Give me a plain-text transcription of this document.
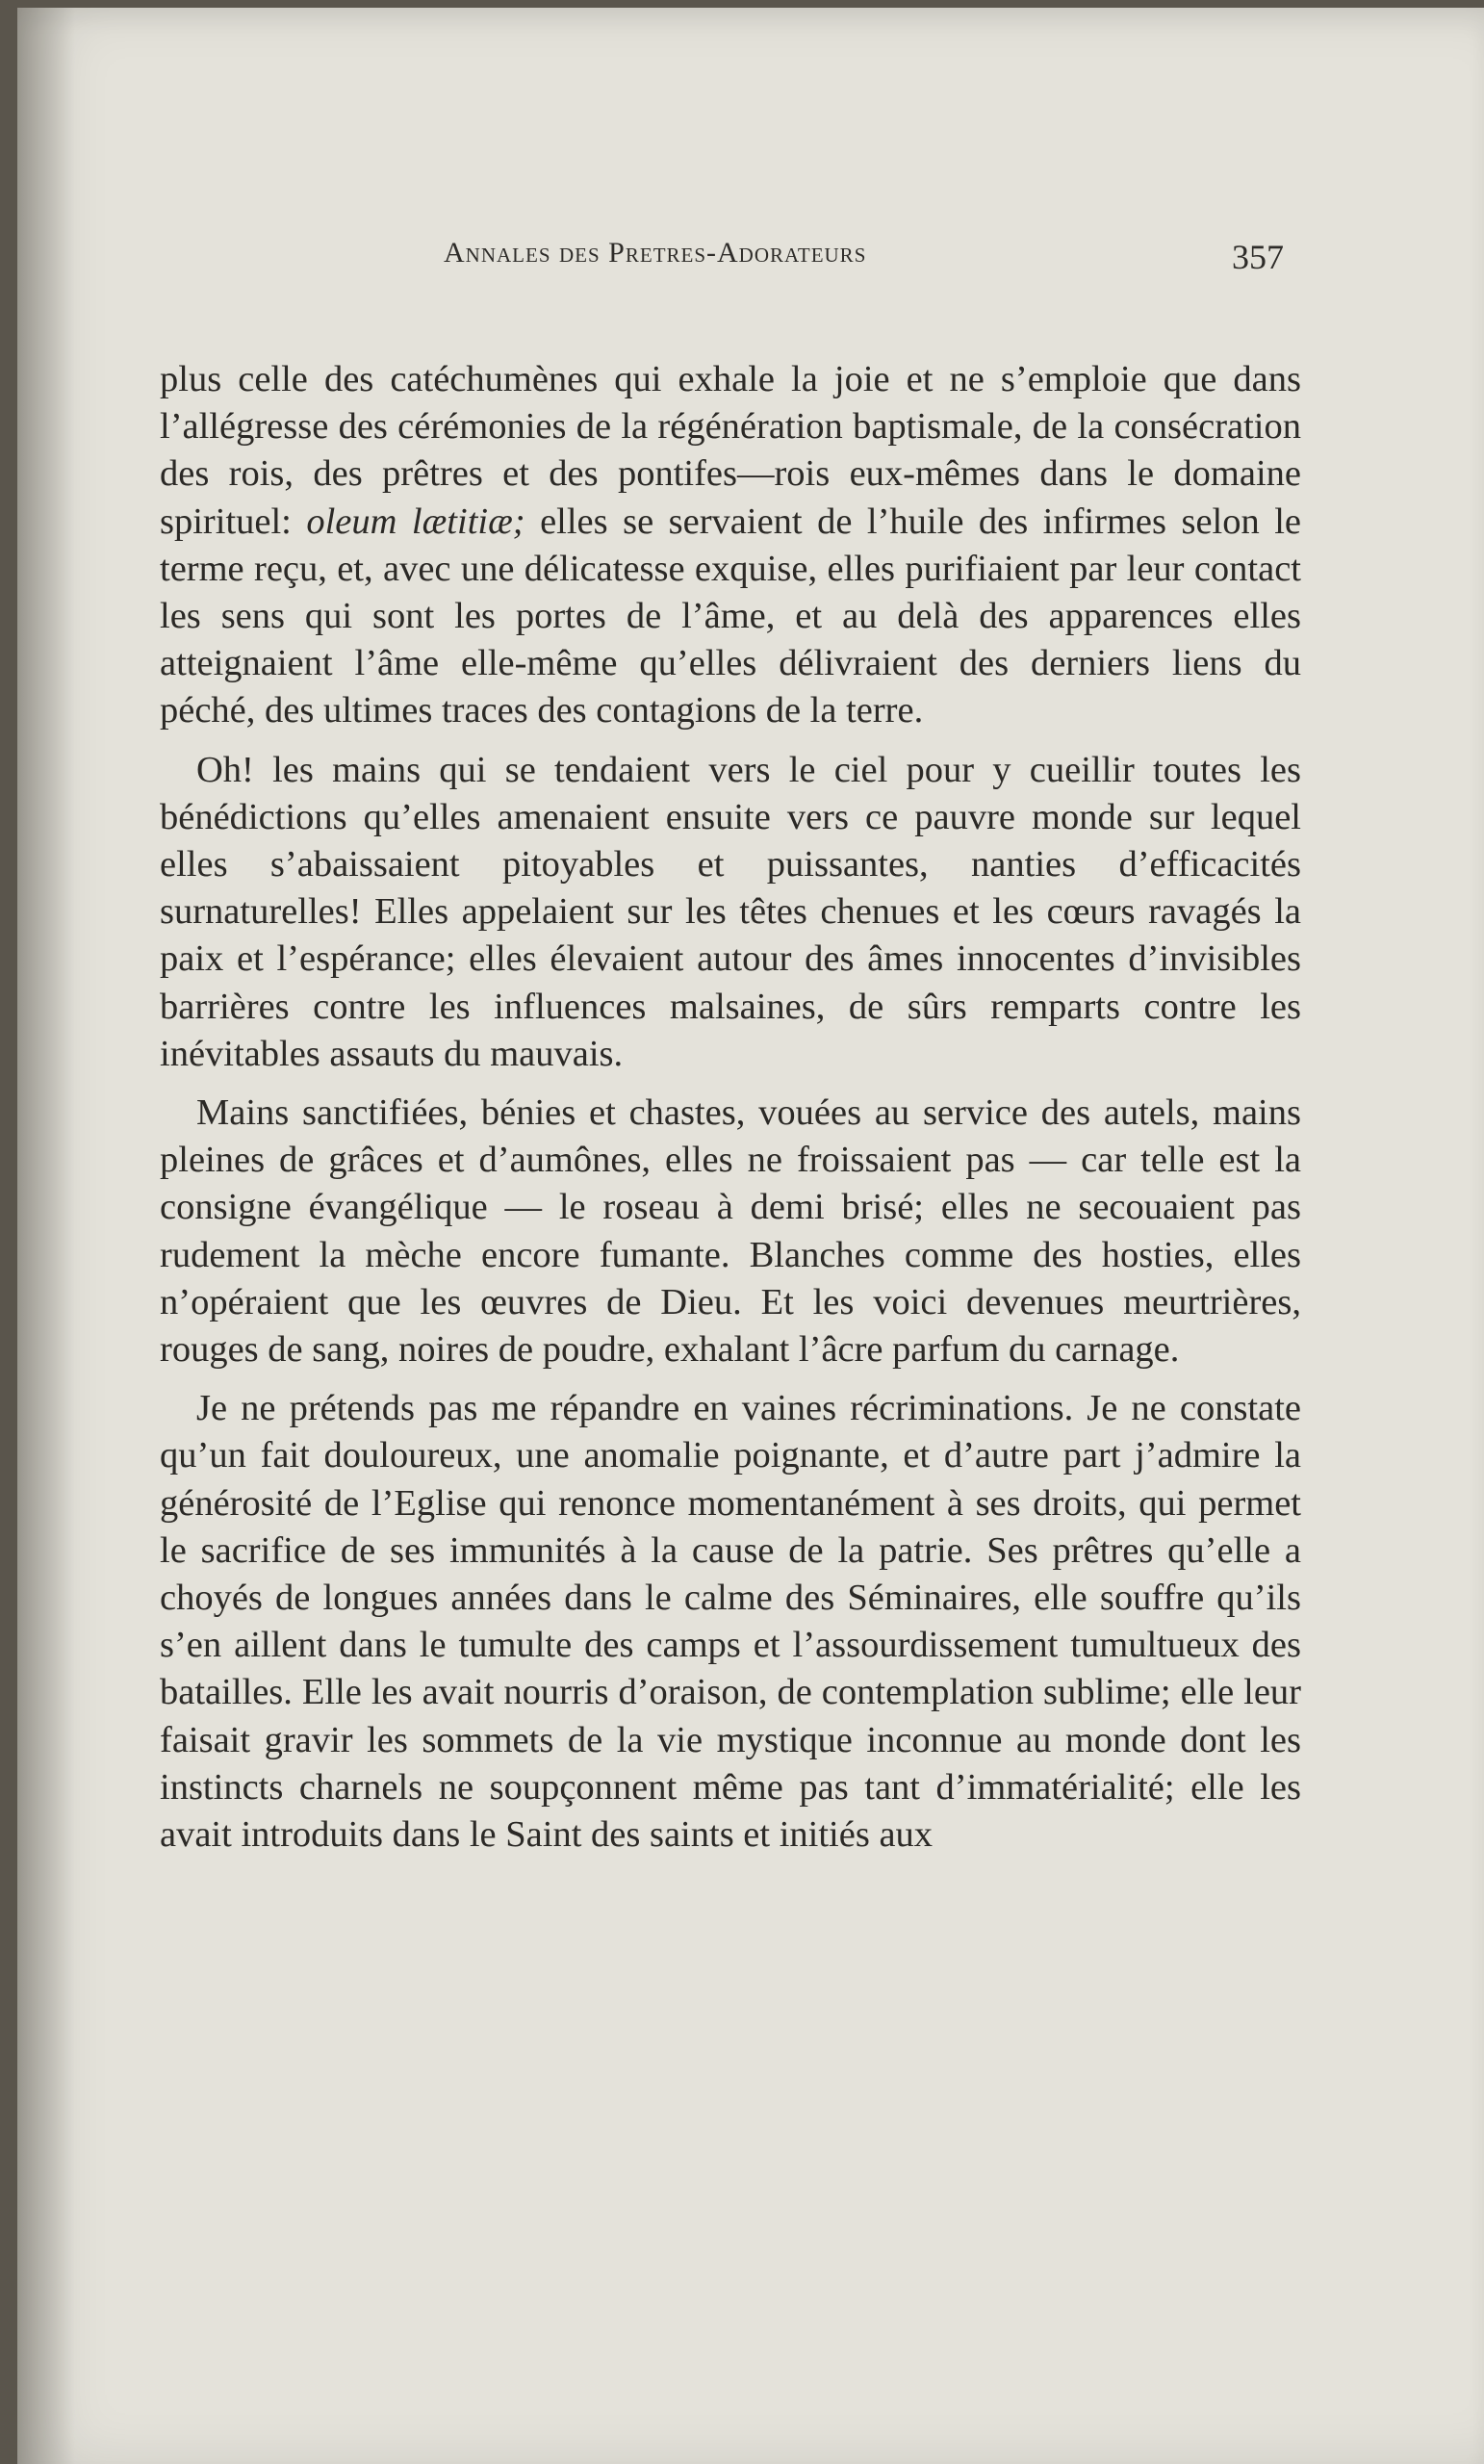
Annales des Pretres-Adorateurs	357

plus celle des catéchumènes qui exhale la joie et ne s’emploie que dans l’allégresse des cérémonies de la régénération baptismale, de la consécration des rois, des prêtres et des pontifes—rois eux-mêmes dans le domaine spirituel: oleum lætitiæ; elles se servaient de l’huile des infirmes selon le terme reçu, et, avec une délicatesse exquise, elles purifiaient par leur contact les sens qui sont les portes de l’âme, et au delà des apparences elles atteignaient l’âme elle-même qu’elles délivraient des derniers liens du péché, des ultimes traces des contagions de la terre.

Oh! les mains qui se tendaient vers le ciel pour y cueillir toutes les bénédictions qu’elles amenaient ensuite vers ce pauvre monde sur lequel elles s’abaissaient pitoyables et puissantes, nanties d’efficacités surnaturelles! Elles appelaient sur les têtes chenues et les cœurs ravagés la paix et l’espérance; elles élevaient autour des âmes innocentes d’invisibles barrières contre les influences malsaines, de sûrs remparts contre les inévitables assauts du mauvais.

Mains sanctifiées, bénies et chastes, vouées au service des autels, mains pleines de grâces et d’aumônes, elles ne froissaient pas — car telle est la consigne évangélique — le roseau à demi brisé; elles ne secouaient pas rudement la mèche encore fumante. Blanches comme des hosties, elles n’opéraient que les œuvres de Dieu. Et les voici devenues meurtrières, rouges de sang, noires de poudre, exhalant l’âcre parfum du carnage.

Je ne prétends pas me répandre en vaines récriminations. Je ne constate qu’un fait douloureux, une anomalie poignante, et d’autre part j’admire la générosité de l’Eglise qui renonce momentanément à ses droits, qui permet le sacrifice de ses immunités à la cause de la patrie. Ses prêtres qu’elle a choyés de longues années dans le calme des Séminaires, elle souffre qu’ils s’en aillent dans le tumulte des camps et l’assourdissement tumultueux des batailles. Elle les avait nourris d’oraison, de contemplation sublime; elle leur faisait gravir les sommets de la vie mystique inconnue au monde dont les instincts charnels ne soupçonnent même pas tant d’immatérialité; elle les avait introduits dans le Saint des saints et initiés aux
